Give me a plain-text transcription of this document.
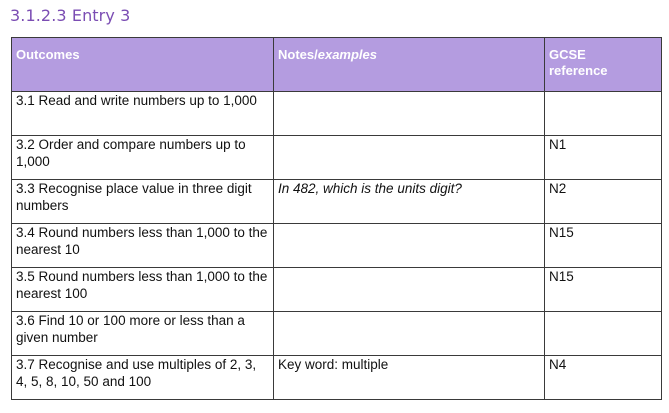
3.1.2.3 Entry 3
Outcomes	Notes/examples	GCSE
reference
3.1 Read and write numbers up to 1,000		
3.2 Order and compare numbers up to 1,000		N1
3.3 Recognise place value in three digit numbers	In 482, which is the units digit?	N2
3.4 Round numbers less than 1,000 to the nearest 10		N15
3.5 Round numbers less than 1,000 to the nearest 100		N15
3.6 Find 10 or 100 more or less than a given number		
3.7 Recognise and use multiples of 2, 3, 4, 5, 8, 10, 50 and 100	Key word: multiple	N4
